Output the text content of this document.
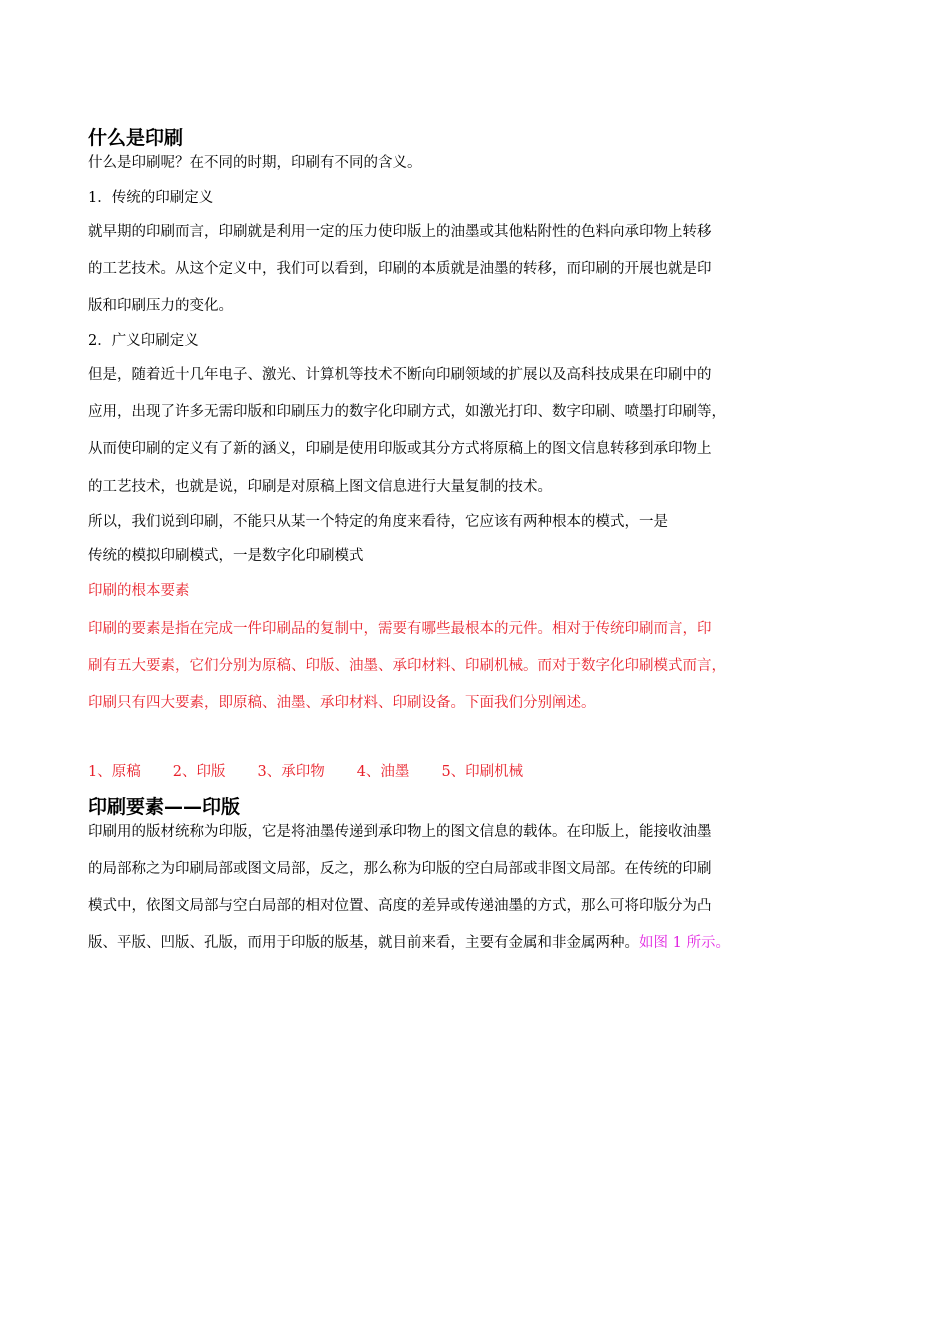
什么是印刷
什么是印刷呢？在不同的时期，印刷有不同的含义。
1．传统的印刷定义
就早期的印刷而言，印刷就是利用一定的压力使印版上的油墨或其他粘附性的色料向承印物上转移
的工艺技术。从这个定义中，我们可以看到，印刷的本质就是油墨的转移，而印刷的开展也就是印
版和印刷压力的变化。
2．广义印刷定义
但是，随着近十几年电子、激光、计算机等技术不断向印刷领域的扩展以及高科技成果在印刷中的
应用，出现了许多无需印版和印刷压力的数字化印刷方式，如激光打印、数字印刷、喷墨打印刷等，
从而使印刷的定义有了新的涵义，印刷是使用印版或其分方式将原稿上的图文信息转移到承印物上
的工艺技术，也就是说，印刷是对原稿上图文信息进行大量复制的技术。
所以，我们说到印刷，不能只从某一个特定的角度来看待，它应该有两种根本的模式，一是
传统的模拟印刷模式，一是数字化印刷模式
印刷的根本要素
印刷的要素是指在完成一件印刷品的复制中，需要有哪些最根本的元件。相对于传统印刷而言，印
刷有五大要素，它们分别为原稿、印版、油墨、承印材料、印刷机械。而对于数字化印刷模式而言，
印刷只有四大要素，即原稿、油墨、承印材料、印刷设备。下面我们分别阐述。
1、原稿 2、印版 3、承印物 4、油墨 5、印刷机械
印刷要素——印版
印刷用的版材统称为印版，它是将油墨传递到承印物上的图文信息的载体。在印版上，能接收油墨
的局部称之为印刷局部或图文局部，反之，那么称为印版的空白局部或非图文局部。在传统的印刷
模式中，依图文局部与空白局部的相对位置、高度的差异或传递油墨的方式，那么可将印版分为凸
版、平版、凹版、孔版，而用于印版的版基，就目前来看，主要有金属和非金属两种。如图 1 所示。
